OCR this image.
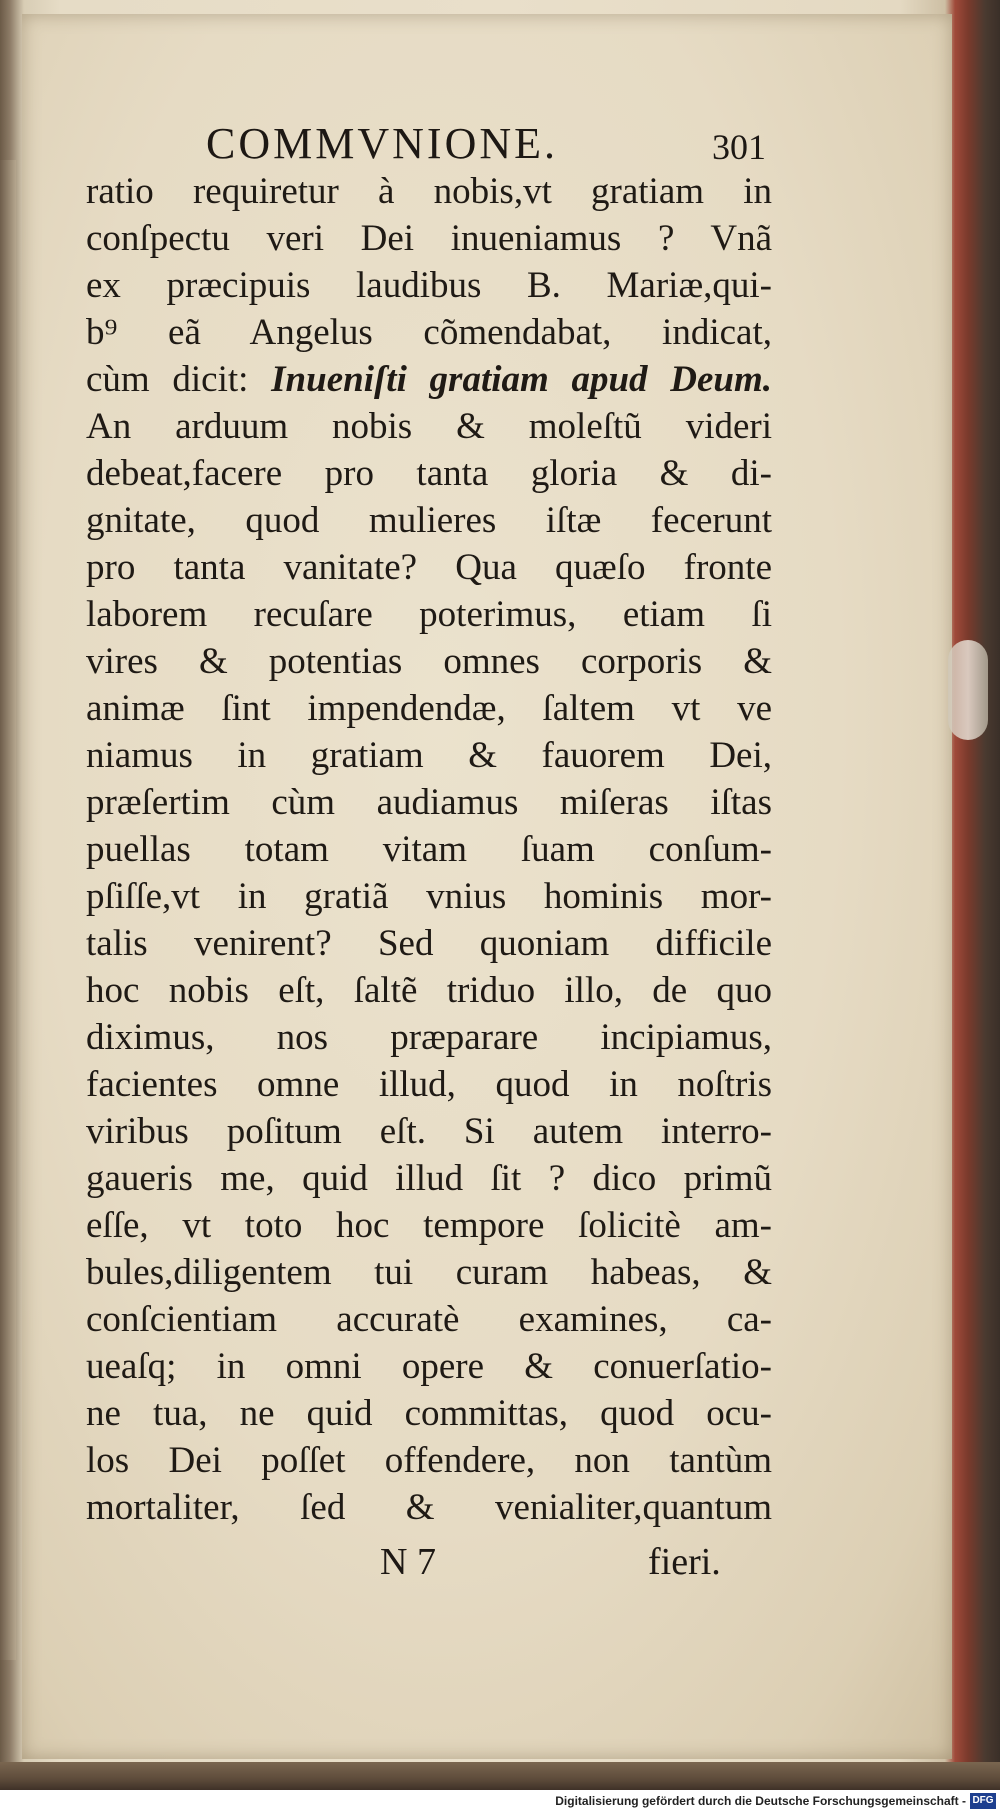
COMMVNIONE.	301
ratio requiretur à nobis,vt gratiam in
conſpectu veri Dei inueniamus ? Vnã
ex præcipuis laudibus B. Mariæ,qui-
b⁹ eã Angelus cõmendabat, indicat,
cùm dicit: Inueniſti gratiam apud Deum.
An arduum nobis & moleſtũ videri
debeat,facere pro tanta gloria & di-
gnitate, quod mulieres iſtæ fecerunt
pro tanta vanitate? Qua quæſo fronte
laborem recuſare poterimus, etiam ſi
vires & potentias omnes corporis &
animæ ſint impendendæ, ſaltem vt ve
niamus in gratiam & fauorem Dei,
præſertim cùm audiamus miſeras iſtas
puellas totam vitam ſuam conſum-
pſiſſe,vt in gratiã vnius hominis mor-
talis venirent? Sed quoniam difficile
hoc nobis eſt, ſaltẽ triduo illo, de quo
diximus, nos præparare incipiamus,
facientes omne illud, quod in noſtris
viribus poſitum eſt. Si autem interro-
gaueris me, quid illud ſit ? dico primũ
eſſe, vt toto hoc tempore ſolicitè am-
bules,diligentem tui curam habeas, &
conſcientiam accuratè examines, ca-
ueaſq; in omni opere & conuerſatio-
ne tua, ne quid committas, quod ocu-
los Dei poſſet offendere, non tantùm
mortaliter, ſed & venialiter,quantum
N 7	fieri.
Digitalisierung gefördert durch die Deutsche Forschungsgemeinschaft - DFG
